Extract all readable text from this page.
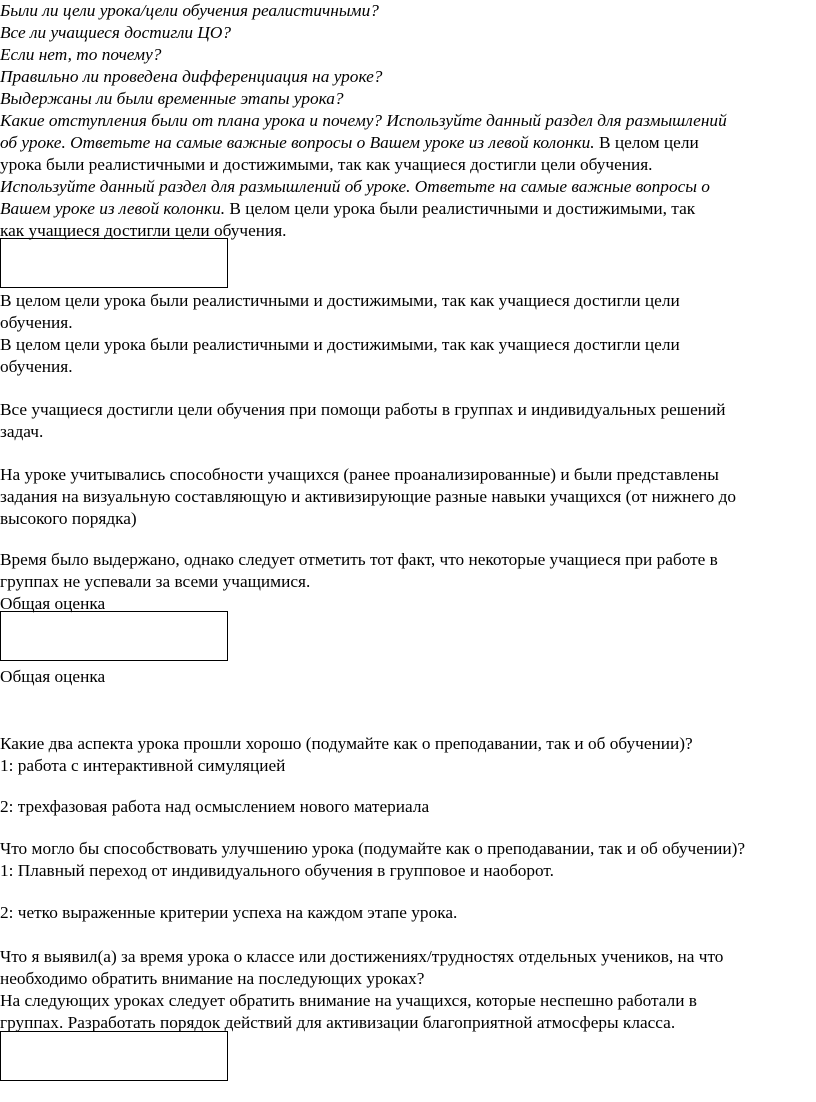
Были ли цели урока/цели обучения реалистичными?
Все ли учащиеся достигли ЦО?
Если нет, то почему?
Правильно ли проведена дифференциация на уроке?
Выдержаны ли были временные этапы урока?
Какие отступления были от плана урока и почему? Используйте данный раздел для размышлений
об уроке. Ответьте на самые важные вопросы о Вашем уроке из левой колонки. В целом цели
урока были реалистичными и достижимыми, так как учащиеся достигли цели обучения.
Используйте данный раздел для размышлений об уроке. Ответьте на самые важные вопросы о
Вашем уроке из левой колонки. В целом цели урока были реалистичными и достижимыми, так
как учащиеся достигли цели обучения.
В целом цели урока были реалистичными и достижимыми, так как учащиеся достигли цели
обучения.
В целом цели урока были реалистичными и достижимыми, так как учащиеся достигли цели
обучения.
Все учащиеся достигли цели обучения при помощи работы в группах и индивидуальных решений
задач.
На уроке учитывались способности учащихся (ранее проанализированные) и были представлены
задания на визуальную составляющую и активизирующие разные навыки учащихся (от нижнего до
высокого порядка)
Время было выдержано, однако следует отметить тот факт, что некоторые учащиеся при работе в
группах не успевали за всеми учащимися.
Общая оценка
Общая оценка
Какие два аспекта урока прошли хорошо (подумайте как о преподавании, так и об обучении)?
1: работа с интерактивной симуляцией
2: трехфазовая работа над осмыслением нового материала
Что могло бы способствовать улучшению урока (подумайте как о преподавании, так и об обучении)?
1: Плавный переход от индивидуального обучения в групповое и наоборот.
2: четко выраженные критерии успеха на каждом этапе урока.
Что я выявил(а) за время урока о классе или достижениях/трудностях отдельных учеников, на что
необходимо обратить внимание на последующих уроках?
На следующих уроках следует обратить внимание на учащихся, которые неспешно работали в
группах. Разработать порядок действий для активизации благоприятной атмосферы класса.
